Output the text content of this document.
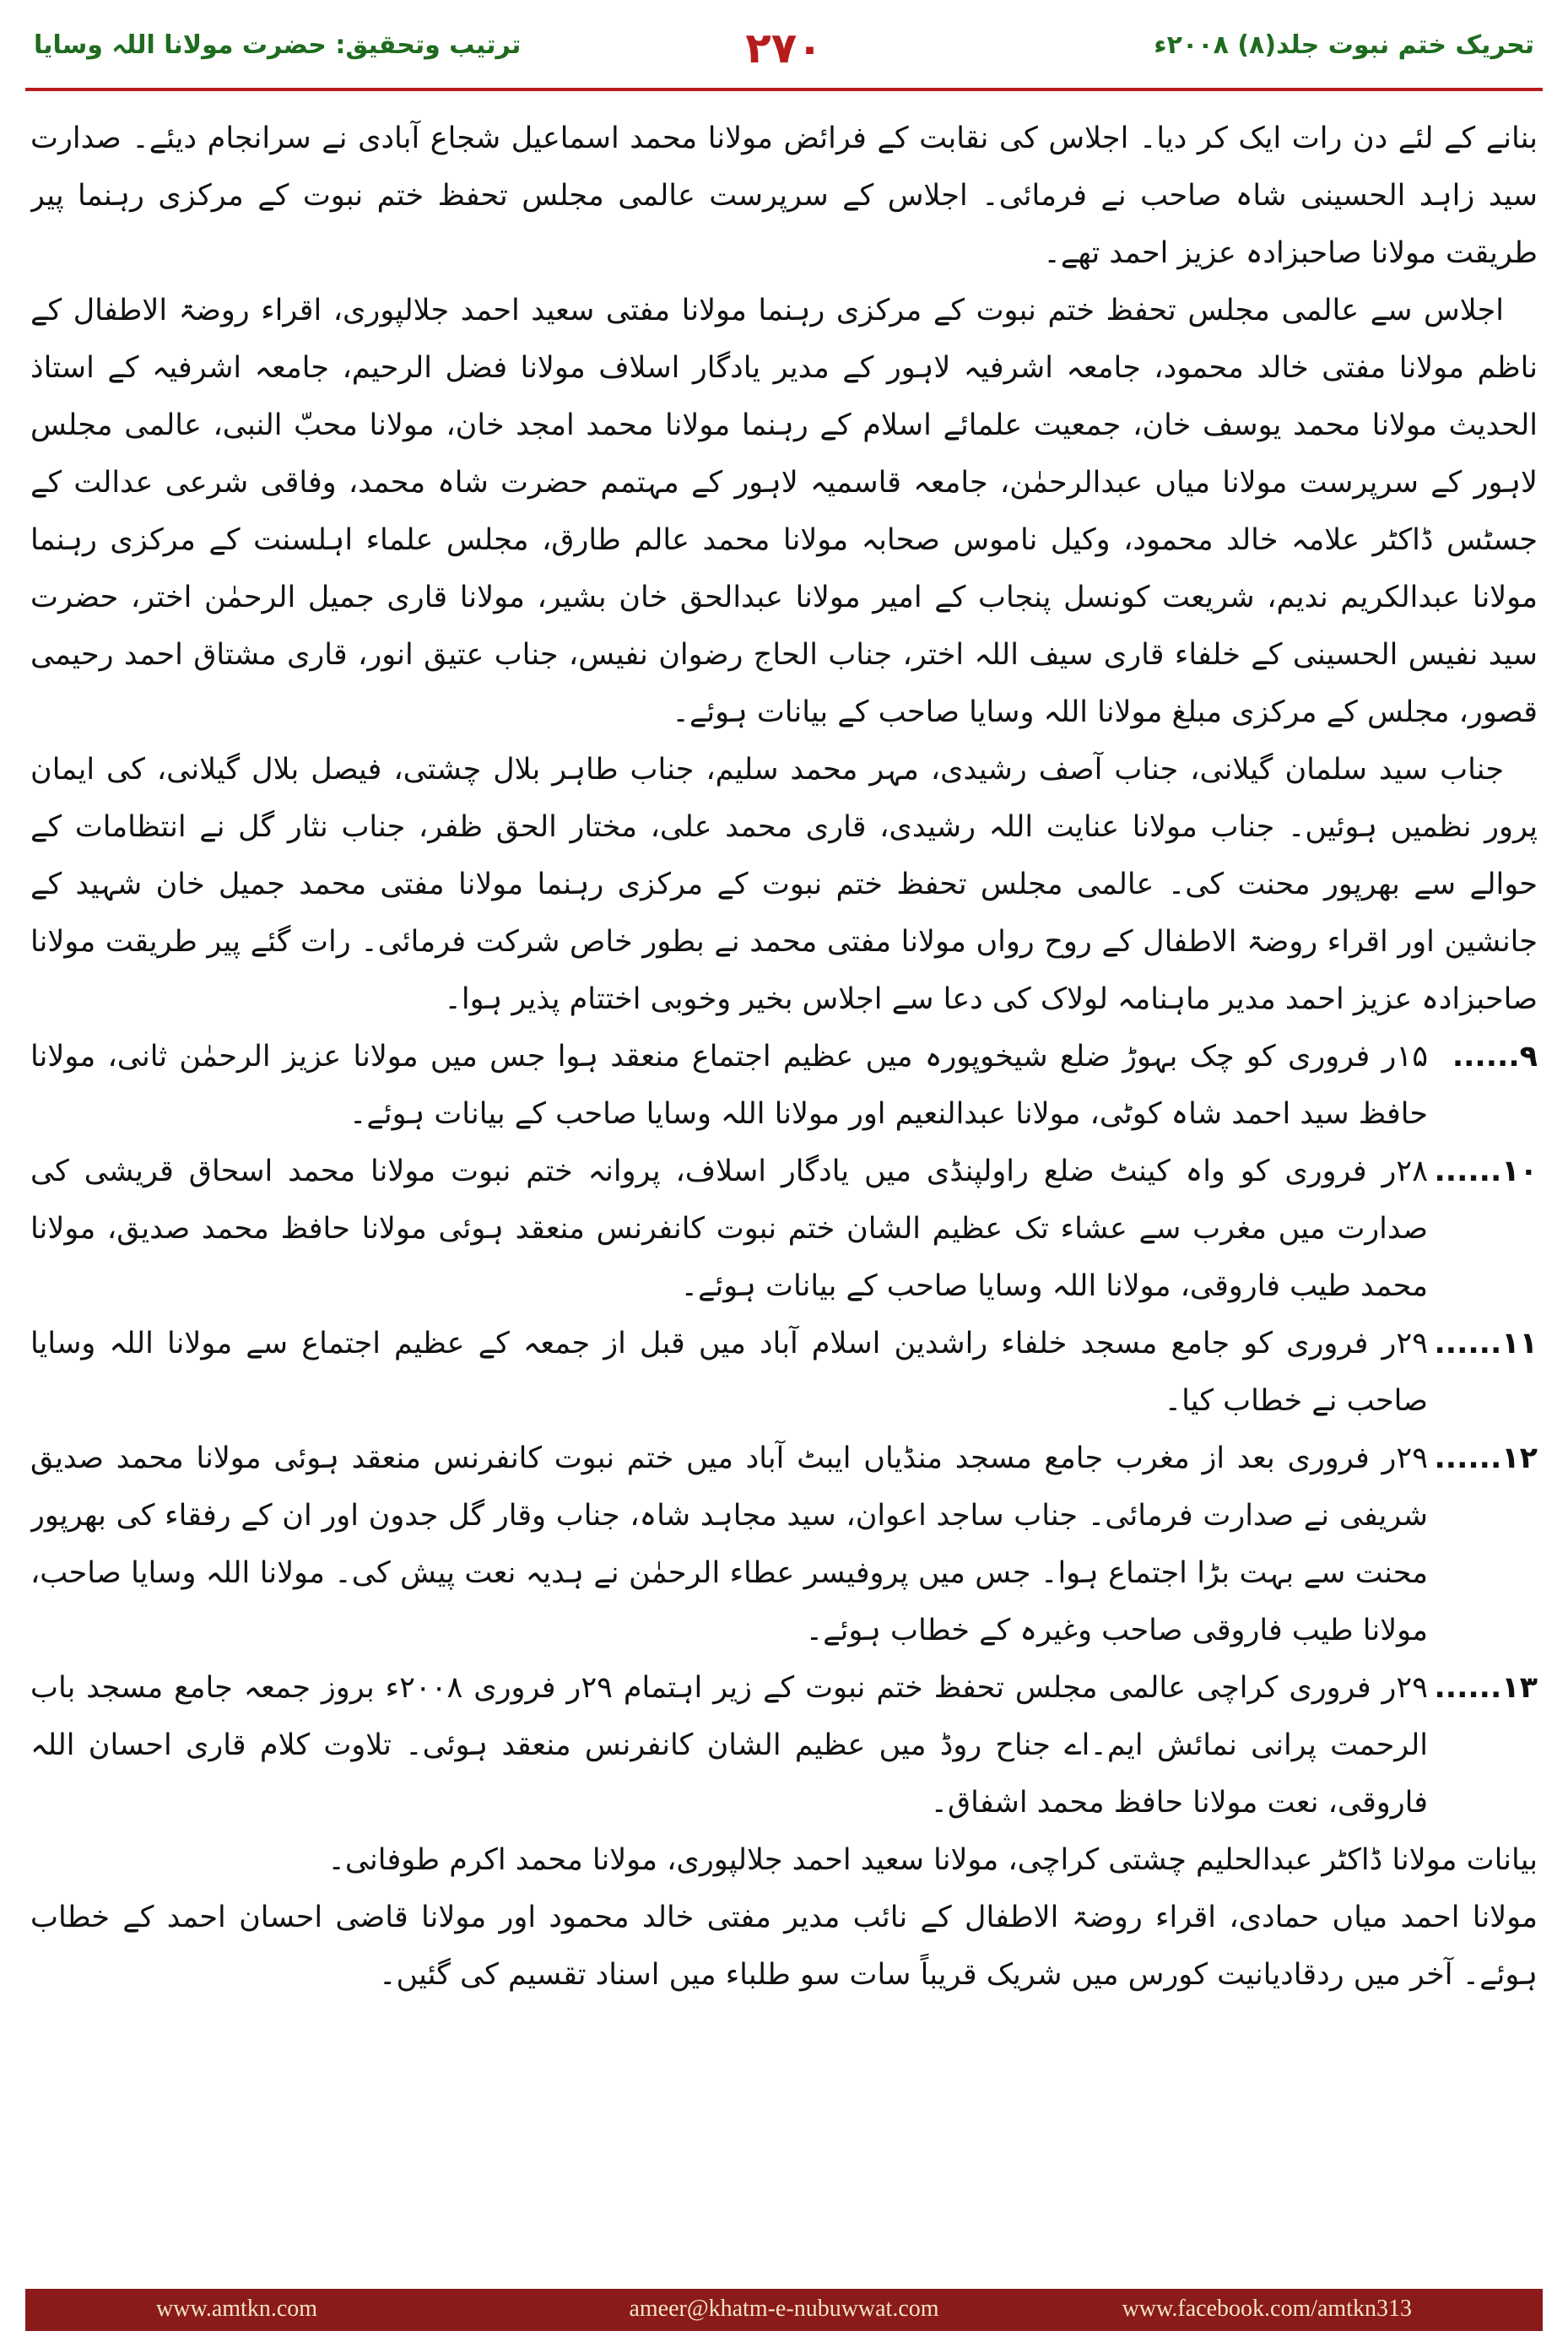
تحریک ختم نبوت جلد(۸) ۲۰۰۸ء
۲۷۰
ترتیب وتحقیق: حضرت مولانا اللہ وسایا

بنانے کے لئے دن رات ایک کر دیا۔ اجلاس کی نقابت کے فرائض مولانا محمد اسماعیل شجاع آبادی نے سرانجام دیئے۔ صدارت سید زاہد الحسینی شاہ صاحب نے فرمائی۔ اجلاس کے سرپرست عالمی مجلس تحفظ ختم نبوت کے مرکزی رہنما پیر طریقت مولانا صاحبزادہ عزیز احمد تھے۔

اجلاس سے عالمی مجلس تحفظ ختم نبوت کے مرکزی رہنما مولانا مفتی سعید احمد جلالپوری، اقراء روضۃ الاطفال کے ناظم مولانا مفتی خالد محمود، جامعہ اشرفیہ لاہور کے مدیر یادگار اسلاف مولانا فضل الرحیم، جامعہ اشرفیہ کے استاذ الحدیث مولانا محمد یوسف خان، جمعیت علمائے اسلام کے رہنما مولانا محمد امجد خان، مولانا محبّ النبی، عالمی مجلس لاہور کے سرپرست مولانا میاں عبدالرحمٰن، جامعہ قاسمیہ لاہور کے مہتمم حضرت شاہ محمد، وفاقی شرعی عدالت کے جسٹس ڈاکٹر علامہ خالد محمود، وکیل ناموس صحابہ مولانا محمد عالم طارق، مجلس علماء اہلسنت کے مرکزی رہنما مولانا عبدالکریم ندیم، شریعت کونسل پنجاب کے امیر مولانا عبدالحق خان بشیر، مولانا قاری جمیل الرحمٰن اختر، حضرت سید نفیس الحسینی کے خلفاء قاری سیف اللہ اختر، جناب الحاج رضوان نفیس، جناب عتیق انور، قاری مشتاق احمد رحیمی قصور، مجلس کے مرکزی مبلغ مولانا اللہ وسایا صاحب کے بیانات ہوئے۔

جناب سید سلمان گیلانی، جناب آصف رشیدی، مہر محمد سلیم، جناب طاہر بلال چشتی، فیصل بلال گیلانی، کی ایمان پرور نظمیں ہوئیں۔ جناب مولانا عنایت اللہ رشیدی، قاری محمد علی، مختار الحق ظفر، جناب نثار گل نے انتظامات کے حوالے سے بھرپور محنت کی۔ عالمی مجلس تحفظ ختم نبوت کے مرکزی رہنما مولانا مفتی محمد جمیل خان شہید کے جانشین اور اقراء روضۃ الاطفال کے روح رواں مولانا مفتی محمد نے بطور خاص شرکت فرمائی۔ رات گئے پیر طریقت مولانا صاحبزادہ عزیز احمد مدیر ماہنامہ لولاک کی دعا سے اجلاس بخیر وخوبی اختتام پذیر ہوا۔

۹......
۱۵ر فروری کو چک بہوڑ ضلع شیخوپورہ میں عظیم اجتماع منعقد ہوا جس میں مولانا عزیز الرحمٰن ثانی، مولانا حافظ سید احمد شاہ کوٹی، مولانا عبدالنعیم اور مولانا اللہ وسایا صاحب کے بیانات ہوئے۔
۱۰......
۲۸ر فروری کو واہ کینٹ ضلع راولپنڈی میں یادگار اسلاف، پروانہ ختم نبوت مولانا محمد اسحاق قریشی کی صدارت میں مغرب سے عشاء تک عظیم الشان ختم نبوت کانفرنس منعقد ہوئی مولانا حافظ محمد صدیق، مولانا محمد طیب فاروقی، مولانا اللہ وسایا صاحب کے بیانات ہوئے۔
۱۱......
۲۹ر فروری کو جامع مسجد خلفاء راشدین اسلام آباد میں قبل از جمعہ کے عظیم اجتماع سے مولانا اللہ وسایا صاحب نے خطاب کیا۔
۱۲......
۲۹ر فروری بعد از مغرب جامع مسجد منڈیاں ایبٹ آباد میں ختم نبوت کانفرنس منعقد ہوئی مولانا محمد صدیق شریفی نے صدارت فرمائی۔ جناب ساجد اعوان، سید مجاہد شاہ، جناب وقار گل جدون اور ان کے رفقاء کی بھرپور محنت سے بہت بڑا اجتماع ہوا۔ جس میں پروفیسر عطاء الرحمٰن نے ہدیہ نعت پیش کی۔ مولانا اللہ وسایا صاحب، مولانا طیب فاروقی صاحب وغیرہ کے خطاب ہوئے۔
۱۳......
۲۹ر فروری کراچی عالمی مجلس تحفظ ختم نبوت کے زیر اہتمام ۲۹ر فروری ۲۰۰۸ء بروز جمعہ جامع مسجد باب الرحمت پرانی نمائش ایم۔اے جناح روڈ میں عظیم الشان کانفرنس منعقد ہوئی۔ تلاوت کلام قاری احسان اللہ فاروقی، نعت مولانا حافظ محمد اشفاق۔

بیانات مولانا ڈاکٹر عبدالحلیم چشتی کراچی، مولانا سعید احمد جلالپوری، مولانا محمد اکرم طوفانی۔

مولانا احمد میاں حمادی، اقراء روضۃ الاطفال کے نائب مدیر مفتی خالد محمود اور مولانا قاضی احسان احمد کے خطاب ہوئے۔ آخر میں ردقادیانیت کورس میں شریک قریباً سات سو طلباء میں اسناد تقسیم کی گئیں۔

www.amtkn.com	ameer@khatm-e-nubuwwat.com	www.facebook.com/amtkn313
